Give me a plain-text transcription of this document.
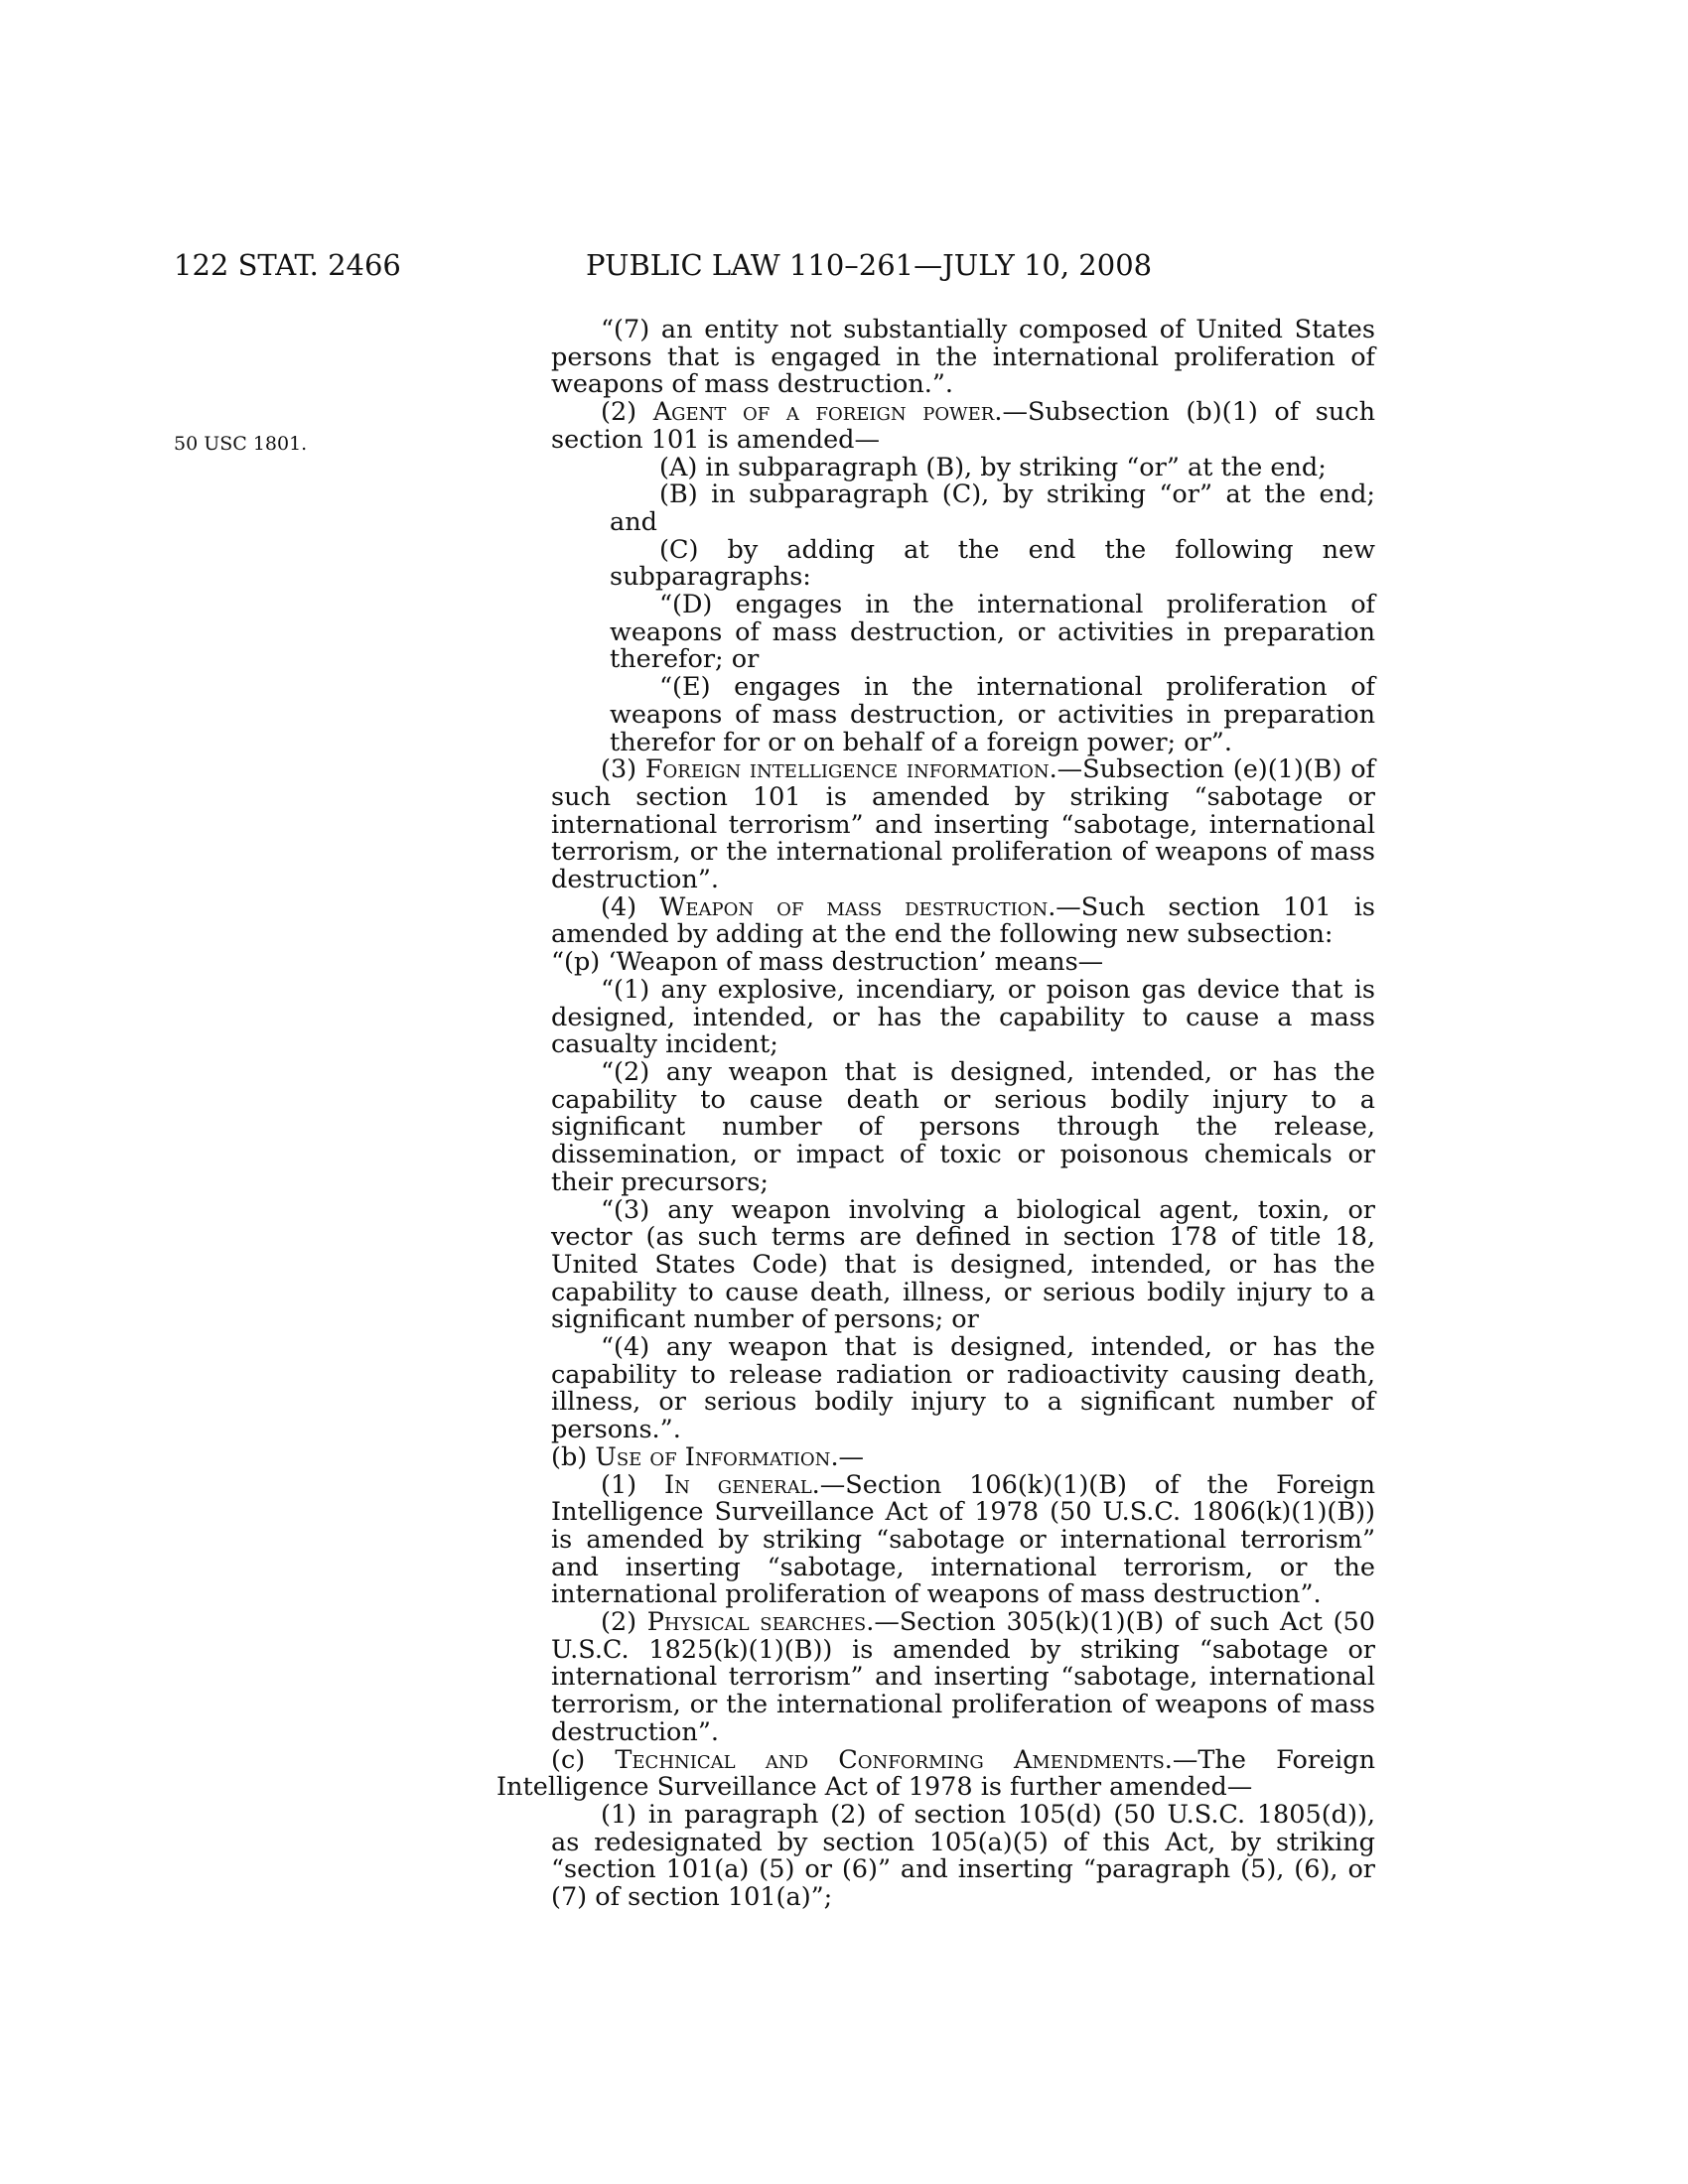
122 STAT. 2466	PUBLIC LAW 110–261—JULY 10, 2008
50 USC 1801.

“(7) an entity not substantially composed of United States persons that is engaged in the international proliferation of weapons of mass destruction.”.

(2) Agent of a foreign power.—Subsection (b)(1) of such section 101 is amended—

(A) in subparagraph (B), by striking “or” at the end;

(B) in subparagraph (C), by striking “or” at the end; and

(C) by adding at the end the following new subparagraphs:

“(D) engages in the international proliferation of weapons of mass destruction, or activities in preparation therefor; or

“(E) engages in the international proliferation of weapons of mass destruction, or activities in preparation therefor for or on behalf of a foreign power; or”.

(3) Foreign intelligence information.—Subsection (e)(1)(B) of such section 101 is amended by striking “sabotage or international terrorism” and inserting “sabotage, international terrorism, or the international proliferation of weapons of mass destruction”.

(4) Weapon of mass destruction.—Such section 101 is amended by adding at the end the following new subsection:

“(p) ‘Weapon of mass destruction’ means—

“(1) any explosive, incendiary, or poison gas device that is designed, intended, or has the capability to cause a mass casualty incident;

“(2) any weapon that is designed, intended, or has the capability to cause death or serious bodily injury to a significant number of persons through the release, dissemination, or impact of toxic or poisonous chemicals or their precursors;

“(3) any weapon involving a biological agent, toxin, or vector (as such terms are defined in section 178 of title 18, United States Code) that is designed, intended, or has the capability to cause death, illness, or serious bodily injury to a significant number of persons; or

“(4) any weapon that is designed, intended, or has the capability to release radiation or radioactivity causing death, illness, or serious bodily injury to a significant number of persons.”.

(b) Use of Information.—

(1) In general.—Section 106(k)(1)(B) of the Foreign Intelligence Surveillance Act of 1978 (50 U.S.C. 1806(k)(1)(B)) is amended by striking “sabotage or international terrorism” and inserting “sabotage, international terrorism, or the international proliferation of weapons of mass destruction”.

(2) Physical searches.—Section 305(k)(1)(B) of such Act (50 U.S.C. 1825(k)(1)(B)) is amended by striking “sabotage or international terrorism” and inserting “sabotage, international terrorism, or the international proliferation of weapons of mass destruction”.

(c) Technical and Conforming Amendments.—The Foreign Intelligence Surveillance Act of 1978 is further amended—

(1) in paragraph (2) of section 105(d) (50 U.S.C. 1805(d)), as redesignated by section 105(a)(5) of this Act, by striking “section 101(a) (5) or (6)” and inserting “paragraph (5), (6), or (7) of section 101(a)”;
